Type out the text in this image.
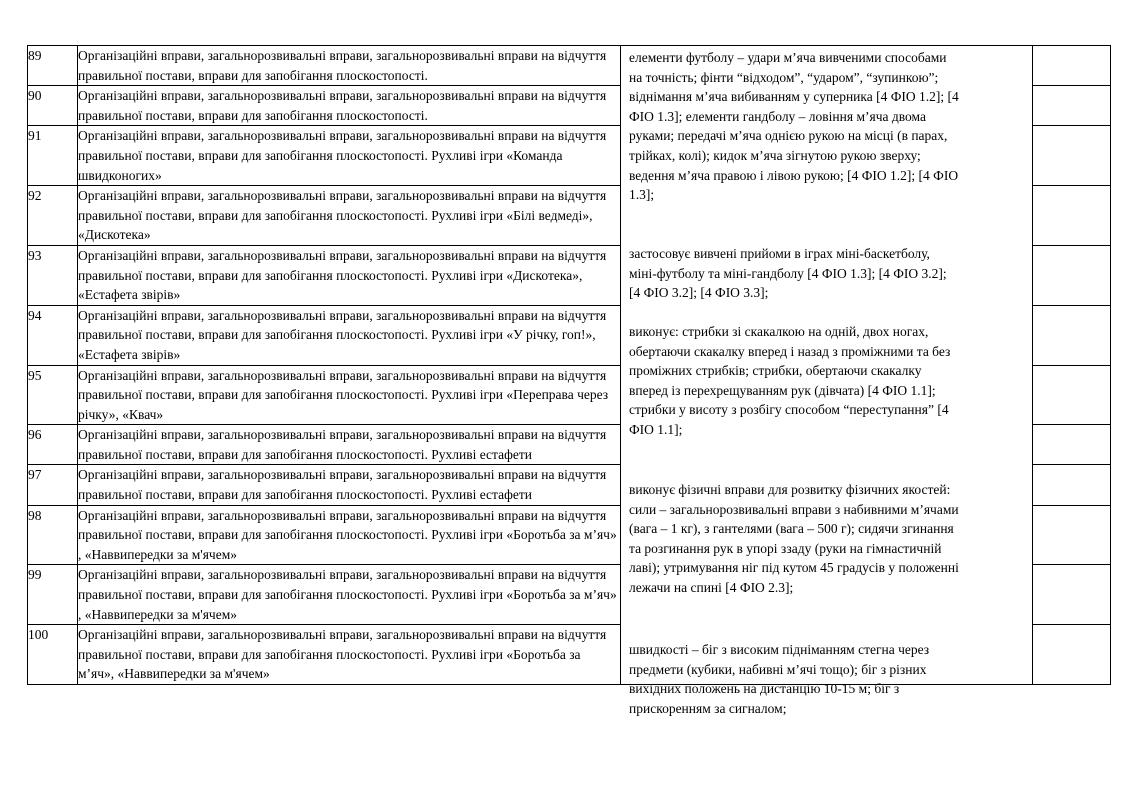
89	Організаційні вправи, загальнорозвивальні вправи, загальнорозвивальні вправи на відчуття правильної постави, вправи для запобігання плоскостопості.	елементи футболу – удари м’яча вивченими способами на точність; фінти “відходом”, “ударом”, “зупинкою”; віднімання м’яча вибиванням у суперника [4 ФІО 1.2]; [4 ФІО 1.3]; елементи гандболу – ловіння м’яча двома руками; передачі м’яча однією рукою на місці (в парах, трійках, колі); кидок м’яча зігнутою рукою зверху; ведення м’яча правою і лівою рукою; [4 ФІО 1.2]; [4 ФІО 1.3];
застосовує вивчені прийоми в іграх міні-баскетболу, міні-футболу та міні-гандболу [4 ФІО 1.3]; [4 ФІО 3.2]; [4 ФІО 3.2]; [4 ФІО 3.3];
виконує: стрибки зі скакалкою на одній, двох ногах, обертаючи скакалку вперед і назад з проміжними та без проміжних стрибків; стрибки, обертаючи скакалку вперед із перехрещуванням рук (дівчата) [4 ФІО 1.1]; стрибки у висоту з розбігу способом “переступання” [4 ФІО 1.1];
виконує фізичні вправи для розвитку фізичних якостей: сили – загальнорозвивальні вправи з набивними м’ячами (вага – 1 кг), з гантелями (вага – 500 г); сидячи згинання та розгинання рук в упорі ззаду (руки на гімнастичній лаві); утримування ніг під кутом 45 градусів у положенні лежачи на спині [4 ФІО 2.3];
швидкості – біг з високим підніманням стегна через предмети (кубики, набивні м’ячі тощо); біг з різних вихідних положень на дистанцію 10-15 м; біг з прискоренням за сигналом;	

90	Організаційні вправи, загальнорозвивальні вправи, загальнорозвивальні вправи на відчуття правильної постави, вправи для запобігання плоскостопості.		
91	Організаційні вправи, загальнорозвивальні вправи, загальнорозвивальні вправи на відчуття правильної постави, вправи для запобігання плоскостопості. Рухливі ігри «Команда швидконогих»		
92	Організаційні вправи, загальнорозвивальні вправи, загальнорозвивальні вправи на відчуття правильної постави, вправи для запобігання плоскостопості. Рухливі ігри «Білі ведмеді», «Дискотека»		
93	Організаційні вправи, загальнорозвивальні вправи, загальнорозвивальні вправи на відчуття правильної постави, вправи для запобігання плоскостопості. Рухливі ігри «Дискотека», «Естафета звірів»		
94	Організаційні вправи, загальнорозвивальні вправи, загальнорозвивальні вправи на відчуття правильної постави, вправи для запобігання плоскостопості. Рухливі ігри «У річку, гоп!», «Естафета звірів»		
95	Організаційні вправи, загальнорозвивальні вправи, загальнорозвивальні вправи на відчуття правильної постави, вправи для запобігання плоскостопості. Рухливі ігри «Переправа через річку», «Квач»		
96	Організаційні вправи, загальнорозвивальні вправи, загальнорозвивальні вправи на відчуття правильної постави, вправи для запобігання плоскостопості. Рухливі естафети		
97	Організаційні вправи, загальнорозвивальні вправи, загальнорозвивальні вправи на відчуття правильної постави, вправи для запобігання плоскостопості. Рухливі естафети		
98	Організаційні вправи, загальнорозвивальні вправи, загальнорозвивальні вправи на відчуття правильної постави, вправи для запобігання плоскостопості. Рухливі ігри «Боротьба за м’яч» , «Наввипередки за м'ячем»		
99	Організаційні вправи, загальнорозвивальні вправи, загальнорозвивальні вправи на відчуття правильної постави, вправи для запобігання плоскостопості. Рухливі ігри «Боротьба за м’яч» , «Наввипередки за м'ячем»		
100	Організаційні вправи, загальнорозвивальні вправи, загальнорозвивальні вправи на відчуття правильної постави, вправи для запобігання плоскостопості. Рухливі ігри «Боротьба за м’яч», «Наввипередки за м'ячем»		
